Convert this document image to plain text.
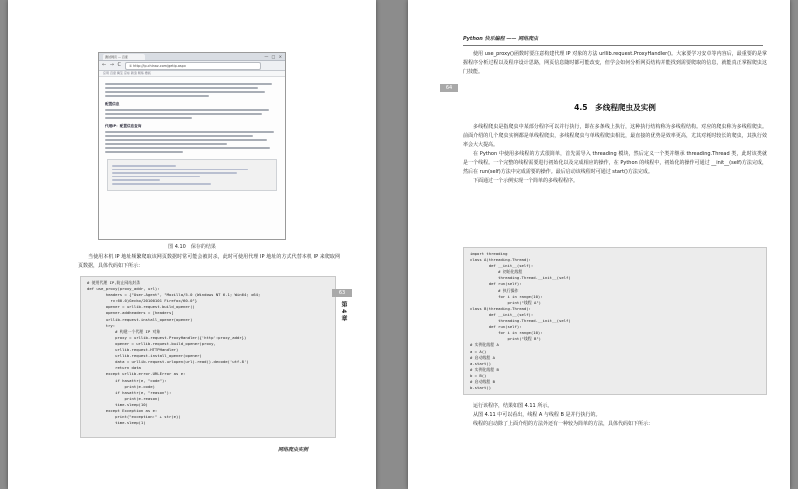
测试网页 — 百度	— □ ×
← → C	① http://ip.chinaz.com/getip.aspx
应用 百度 淘宝 京东 新浪 网易 搜狐
配置信息
代理IP：配置信息查询
图 4.10　保存的结果

当使用本机 IP 地址频繁爬取该网页数据时常可能会被封杀，此时可使用代理 IP 地址的方式代替本机 IP 来爬取网页数据，具体代码如下所示：

# 使用代理 IP,防止网站封杀
def use_proxy(proxy_addr, url):
headers = {"User-Agent", "Mozilla/5.0 (Windows NT 6.1; Win64; x64;
rv:60.0)Gecko/20100101 Firefox/60.0"}
opener = urllib.request.build_opener()
opener.addheaders = [headers]
urllib.request.install_opener(opener)
try:
# 构建一个代理 IP 对象
proxy = urllib.request.ProxyHandler({'http':proxy_addr})
opener = urllib.request.build_opener(proxy,
urllib.request.HTTPHandler)
urllib.request.install_opener(opener)
data = urllib.request.urlopen(url).read().decode('utf-8')
return data
except urllib.error.URLError as e:
if hasattr(e, "code"):
print(e.code)
if hasattr(e, "reason"):
print(e.reason)
time.sleep(10)
except Exception as e:
print("exception:" + str(e))
time.sleep(1)
63
第 4 章
网络爬虫实例
Python 快乐编程 —— 网络爬虫
64

使用 use_proxy()函数时要注意构建代理 IP 对象的方法 urllib.request.ProxyHandler()。大家要学习安卓等内容后，最重要的是掌握程序分析过程以及程序设计思路，网页信息随时都可能改变，但学会如何分析网页结构并能找到需要爬取的信息，就能真正掌握爬虫这门技能。

4.5　多线程爬虫及实例

多线程爬虫是指爬虫中某部分程序可以并行执行，即在多条线上执行，这种执行结构称为多线程结构。对应的爬虫称为多线程爬虫。前面介绍的几个爬虫实例都是单线程爬虫，多线程爬虫与单线程爬虫相比，最直接的优势是效率更高，尤其对耗时较长的爬虫，其执行效率会大大提高。

在 Python 中使用多线程的方式很简单，首先需导入 threading 模块，然后定义一个类并继承 threading.Thread 类，此时该类就是一个线程。一个完整的线程需要进行初始化以及完成相应的操作，在 Python 的线程中，初始化的操作可通过 __init__(self)方法完成，然后在 run(self)方法中完成需要的操作。最后启动该线程时可通过 start()方法完成。

下面通过一个示例实现一个简单的多线程程序。

import threading
class A(threading.Thread):
def __init__(self):
# 初始化线程
threading.Thread.__init__(self)
def run(self):
# 执行操作
for i in range(10):
print("线程 A")
class B(threading.Thread):
def __init__(self):
threading.Thread.__init__(self)
def run(self):
for i in range(10):
print("线程 B")
# 实例化线程 A
a = A()
# 启动线程 A
a.start()
# 实例化线程 B
b = B()
# 启动线程 B
b.start()

运行该程序，结果如图 4.11 所示。

从图 4.11 中可以看出，线程 A 与线程 B 是并行执行的。

线程的启动除了上面介绍的方法外还有一种较为简单的方法，具体代码如下所示：
